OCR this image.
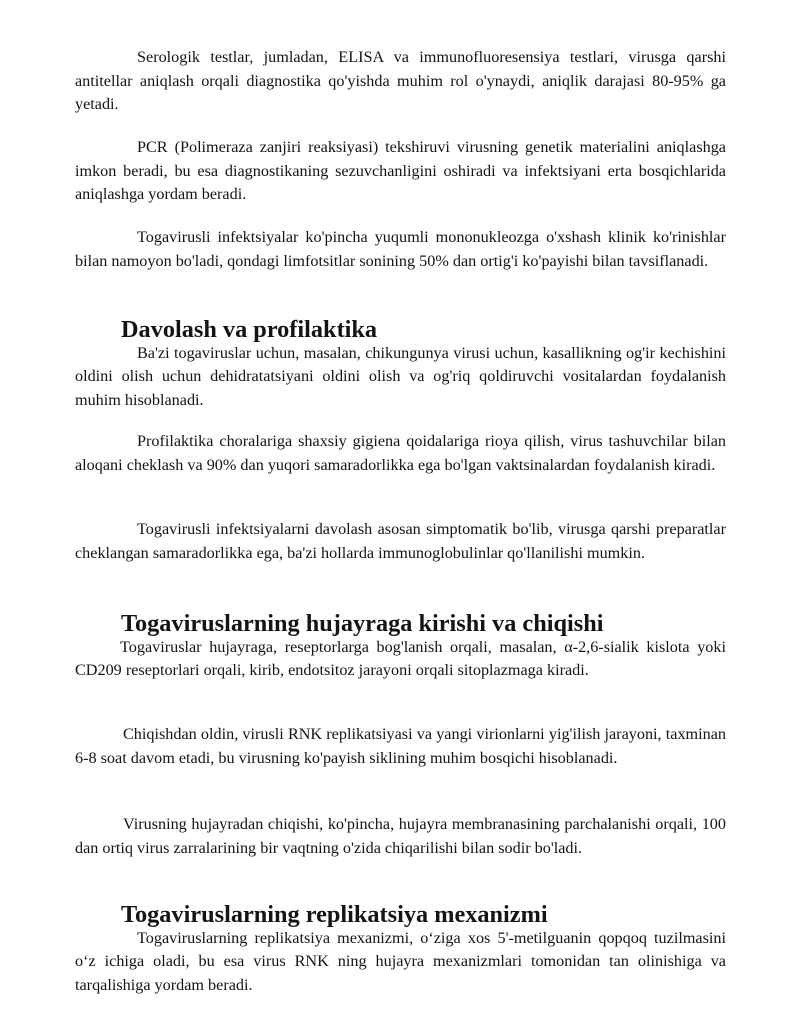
Serologik testlar, jumladan, ELISA va immunofluoresensiya testlari, virusga qarshi antitellar aniqlash orqali diagnostika qo'yishda muhim rol o'ynaydi, aniqlik darajasi 80-95% ga yetadi.

PCR (Polimeraza zanjiri reaksiyasi) tekshiruvi virusning genetik materialini aniqlashga imkon beradi, bu esa diagnostikaning sezuvchanligini oshiradi va infektsiyani erta bosqichlarida aniqlashga yordam beradi.

Togavirusli infektsiyalar ko'pincha yuqumli mononukleozga o'xshash klinik ko'rinishlar bilan namoyon bo'ladi, qondagi limfotsitlar sonining 50% dan ortig'i ko'payishi bilan tavsiflanadi.

Davolash va profilaktika

Ba'zi togaviruslar uchun, masalan, chikungunya virusi uchun, kasallikning og'ir kechishini oldini olish uchun dehidratatsiyani oldini olish va og'riq qoldiruvchi vositalardan foydalanish muhim hisoblanadi.

Profilaktika choralariga shaxsiy gigiena qoidalariga rioya qilish, virus tashuvchilar bilan aloqani cheklash va 90% dan yuqori samaradorlikka ega bo'lgan vaktsinalardan foydalanish kiradi.

Togavirusli infektsiyalarni davolash asosan simptomatik bo'lib, virusga qarshi preparatlar cheklangan samaradorlikka ega, ba'zi hollarda immunoglobulinlar qo'llanilishi mumkin.

Togaviruslarning hujayraga kirishi va chiqishi

Togaviruslar hujayraga, reseptorlarga bog'lanish orqali, masalan, α-2,6-sialik kislota yoki CD209 reseptorlari orqali, kirib, endotsitoz jarayoni orqali sitoplazmaga kiradi.

Chiqishdan oldin, virusli RNK replikatsiyasi va yangi virionlarni yig'ilish jarayoni, taxminan 6-8 soat davom etadi, bu virusning ko'payish siklining muhim bosqichi hisoblanadi.

Virusning hujayradan chiqishi, ko'pincha, hujayra membranasining parchalanishi orqali, 100 dan ortiq virus zarralarining bir vaqtning o'zida chiqarilishi bilan sodir bo'ladi.

Togaviruslarning replikatsiya mexanizmi

Togaviruslarning replikatsiya mexanizmi, o‘ziga xos 5'-metilguanin qopqoq tuzilmasini o‘z ichiga oladi, bu esa virus RNK ning hujayra mexanizmlari tomonidan tan olinishiga va tarqalishiga yordam beradi.
